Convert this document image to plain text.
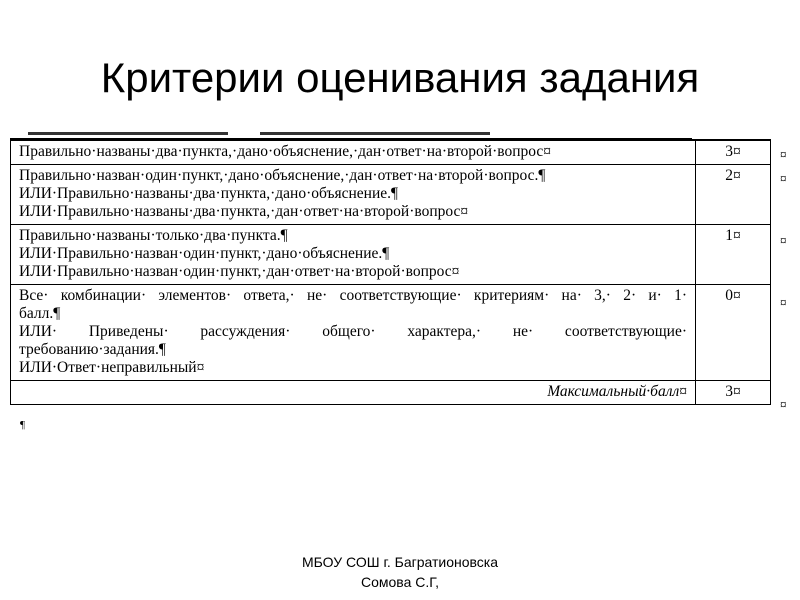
Критерии оценивания задания
Правильно·названы·два·пункта,·дано·объяснение,·дан·ответ·на·второй·вопрос¤	3¤

Правильно·назван·один·пункт,·дано·объяснение,·дан·ответ·на·второй·вопрос.¶
ИЛИ·Правильно·названы·два·пункта,·дано·объяснение.¶
ИЛИ·Правильно·названы·два·пункта,·дан·ответ·на·второй·вопрос¤	2¤

Правильно·названы·только·два·пункта.¶
ИЛИ·Правильно·назван·один·пункт,·дано·объяснение.¶
ИЛИ·Правильно·назван·один·пункт,·дан·ответ·на·второй·вопрос¤	1¤

Все· комбинации· элементов· ответа,· не· соответствующие· критериям· на· 3,· 2· и· 1·
балл.¶
ИЛИ· Приведены· рассуждения· общего· характера,· не· соответствующие·
требованию·задания.¶
ИЛИ·Ответ·неправильный¤	0¤
Максимальный·балл¤	3¤
¤
¤
¤
¤
¤
¶
МБОУ СОШ г. Багратионовска
Сомова С.Г,
